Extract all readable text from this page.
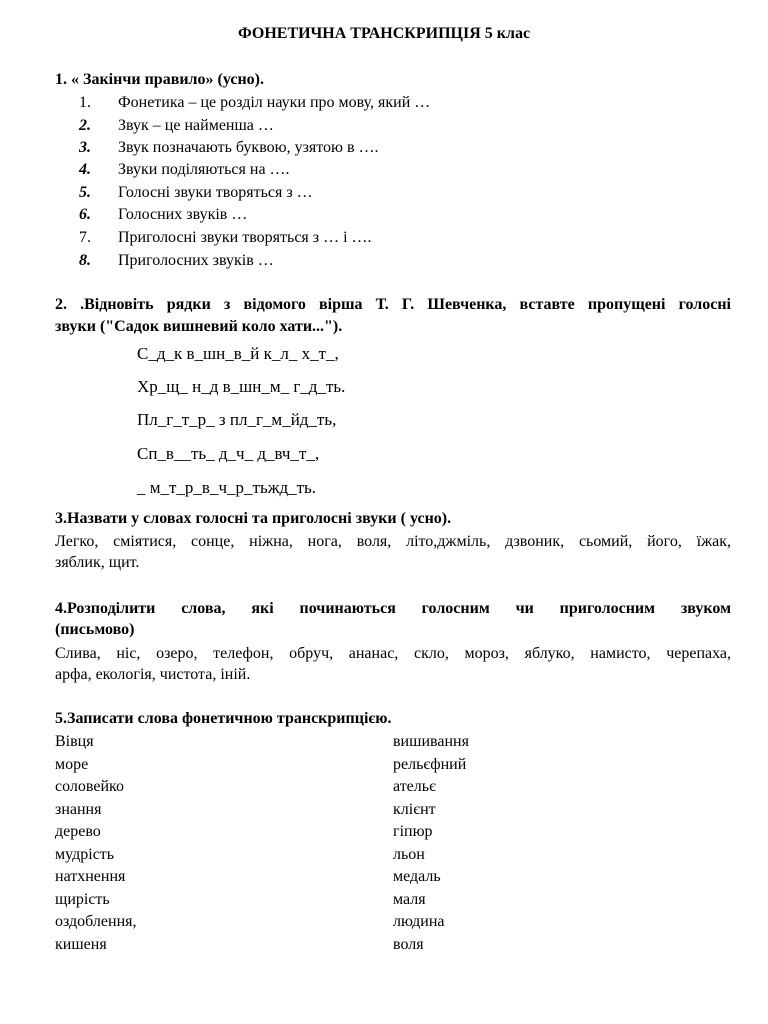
ФОНЕТИЧНА ТРАНСКРИПЦІЯ 5 клас
1. « Закінчи правило» (усно).
1. Фонетика – це розділ науки про мову, який …
2. Звук – це найменша …
3. Звук позначають буквою, узятою в ….
4. Звуки поділяються на ….
5. Голосні звуки творяться з …
6. Голосних звуків …
7. Приголосні звуки творяться з … і ….
8. Приголосних звуків …
2. .Відновіть рядки з відомого вірша Т. Г. Шевченка, вставте пропущені голосні
звуки ("Садок вишневий коло хати...").
С_д_к в_шн_в_й к_л_ х_т_,
Хр_щ_ н_д в_шн_м_ г_д_ть.
Пл_г_т_р_ з пл_г_м_йд_ть,
Сп_в__ть_ д_ч_ д_вч_т_,
_ м_т_р_в_ч_р_тьжд_ть.
3.Назвати у словах голосні та приголосні звуки ( усно).
Легко, сміятися, сонце, ніжна, нога, воля, літо,джміль, дзвоник, сьомий, його, їжак,
зяблик, щит.
4.Розподілити слова, які починаються голосним чи приголосним звуком
(письмово)
Слива, ніс, озеро, телефон, обруч, ананас, скло, мороз, яблуко, намисто, черепаха,
арфа, екологія, чистота, іній.
5.Записати слова фонетичною транскрипцією.
Вівця
море
соловейко
знання
дерево
мудрість
натхнення
щирість
оздоблення,
кишеня
вишивання
рельєфний
ательє
клієнт
гіпюр
льон
медаль
маля
людина
воля
